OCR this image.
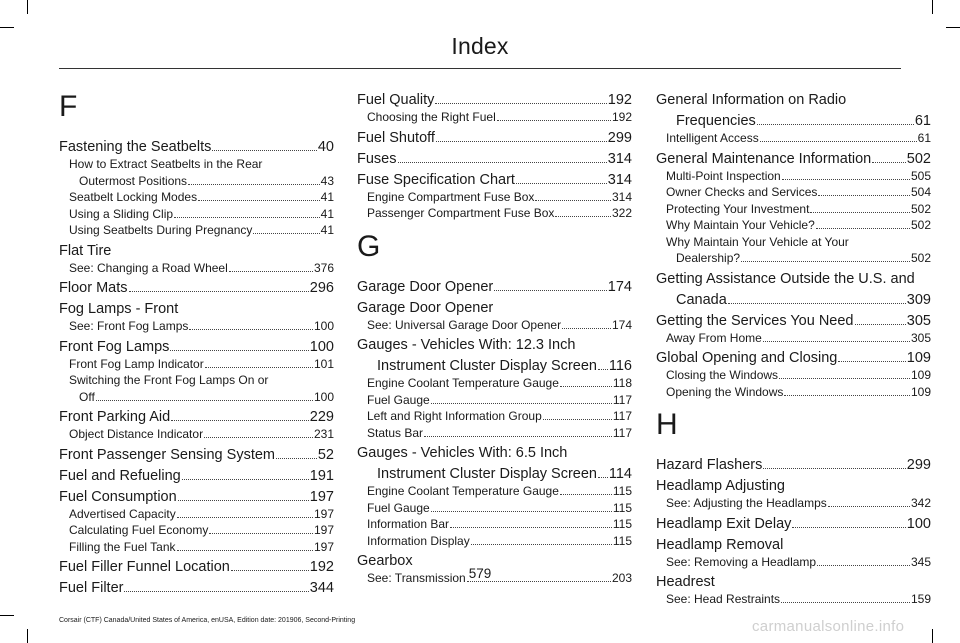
Index
F
Fastening the Seatbelts	40
How to Extract Seatbelts in the Rear
Outermost Positions	43
Seatbelt Locking Modes	41
Using a Sliding Clip	41
Using Seatbelts During Pregnancy	41
Flat Tire
See: Changing a Road Wheel	376
Floor Mats	296
Fog Lamps - Front
See: Front Fog Lamps	100
Front Fog Lamps	100
Front Fog Lamp Indicator	101
Switching the Front Fog Lamps On or
Off	100
Front Parking Aid	229
Object Distance Indicator	231
Front Passenger Sensing System	52
Fuel and Refueling	191
Fuel Consumption	197
Advertised Capacity	197
Calculating Fuel Economy	197
Filling the Fuel Tank	197
Fuel Filler Funnel Location	192
Fuel Filter	344
Fuel Quality	192
Choosing the Right Fuel	192
Fuel Shutoff	299
Fuses	314
Fuse Specification Chart	314
Engine Compartment Fuse Box	314
Passenger Compartment Fuse Box	322
G
Garage Door Opener	174
Garage Door Opener
See: Universal Garage Door Opener	174
Gauges - Vehicles With: 12.3 Inch
Instrument Cluster Display Screen 116
Engine Coolant Temperature Gauge	118
Fuel Gauge	117
Left and Right Information Group	117
Status Bar	117
Gauges - Vehicles With: 6.5 Inch
Instrument Cluster Display Screen 114
Engine Coolant Temperature Gauge	115
Fuel Gauge	115
Information Bar	115
Information Display	115
Gearbox
See: Transmission	203
General Information on Radio
Frequencies	61
Intelligent Access	61
General Maintenance Information 502
Multi-Point Inspection	505
Owner Checks and Services	504
Protecting Your Investment	502
Why Maintain Your Vehicle?	502
Why Maintain Your Vehicle at Your
Dealership?	502
Getting Assistance Outside the U.S. and
Canada	309
Getting the Services You Need	305
Away From Home	305
Global Opening and Closing	109
Closing the Windows	109
Opening the Windows	109
H
Hazard Flashers	299
Headlamp Adjusting
See: Adjusting the Headlamps	342
Headlamp Exit Delay	100
Headlamp Removal
See: Removing a Headlamp	345
Headrest
See: Head Restraints	159
579
Corsair (CTF) Canada/United States of America, enUSA, Edition date: 201906, Second-Printing	carmanualsonline.info
